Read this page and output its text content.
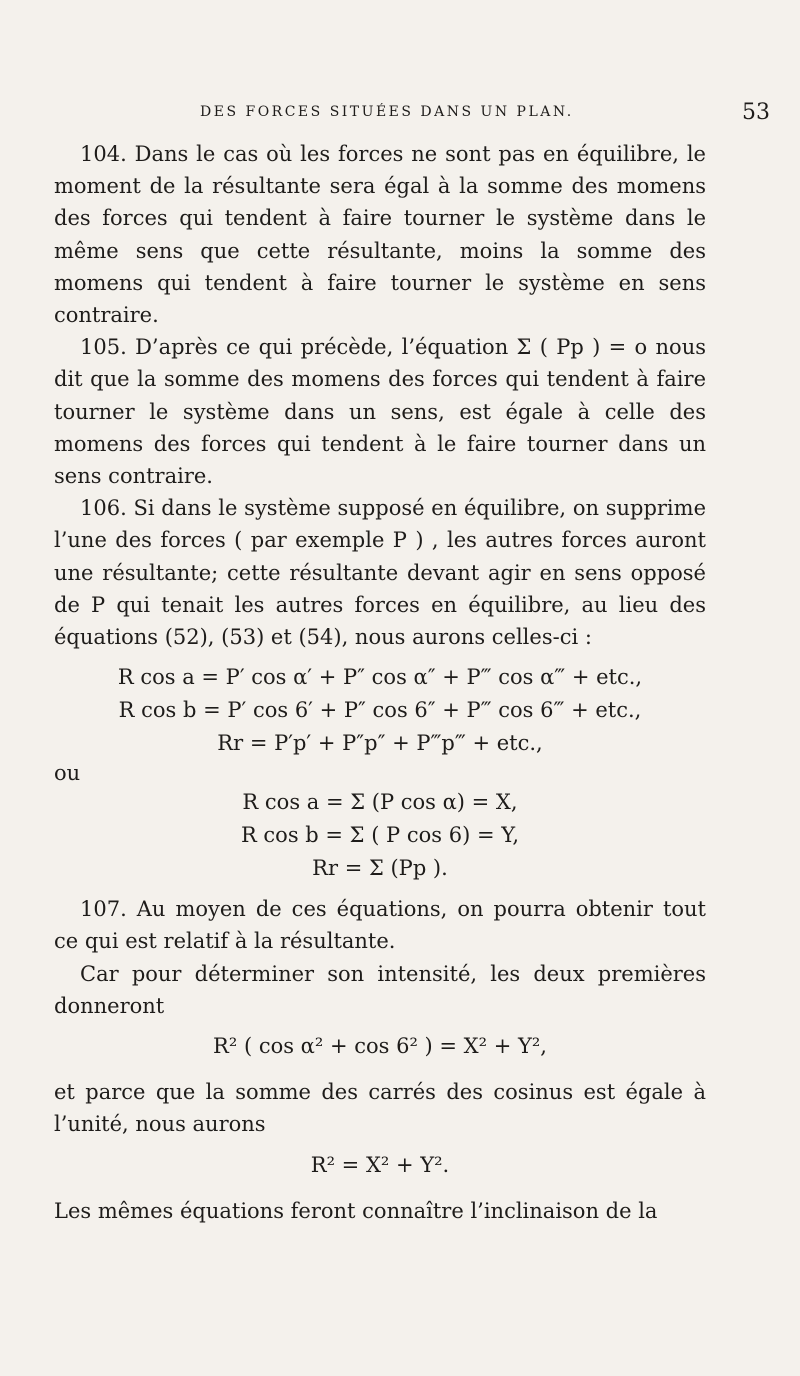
DES FORCES SITUÉES DANS UN PLAN.	53

104. Dans le cas où les forces ne sont pas en équilibre, le moment de la résultante sera égal à la somme des momens des forces qui tendent à faire tourner le système dans le même sens que cette résultante, moins la somme des momens qui tendent à faire tourner le système en sens contraire.

105. D’après ce qui précède, l’équation Σ ( Pp ) = o nous dit que la somme des momens des forces qui tendent à faire tourner le système dans un sens, est égale à celle des momens des forces qui tendent à le faire tourner dans un sens contraire.

106. Si dans le système supposé en équilibre, on supprime l’une des forces ( par exemple P ) , les autres forces auront une résultante; cette résultante devant agir en sens opposé de P qui tenait les autres forces en équilibre, au lieu des équations (52), (53) et (54), nous aurons celles-ci :

R cos a = P′ cos α′ + P″ cos α″ + P‴ cos α‴ + etc.,

R cos b = P′ cos 6′ + P″ cos 6″ + P‴ cos 6‴ + etc.,

Rr = P′p′ + P″p″ + P‴p‴ + etc.,

ou

R cos a = Σ (P cos α) = X,

R cos b = Σ ( P cos 6) = Y,

Rr = Σ (Pp ).

107. Au moyen de ces équations, on pourra obtenir tout ce qui est relatif à la résultante.

Car pour déterminer son intensité, les deux premières donneront

R² ( cos α² + cos 6² ) = X² + Y²,

et parce que la somme des carrés des cosinus est égale à l’unité, nous aurons

R² = X² + Y².

Les mêmes équations feront connaître l’inclinaison de la
